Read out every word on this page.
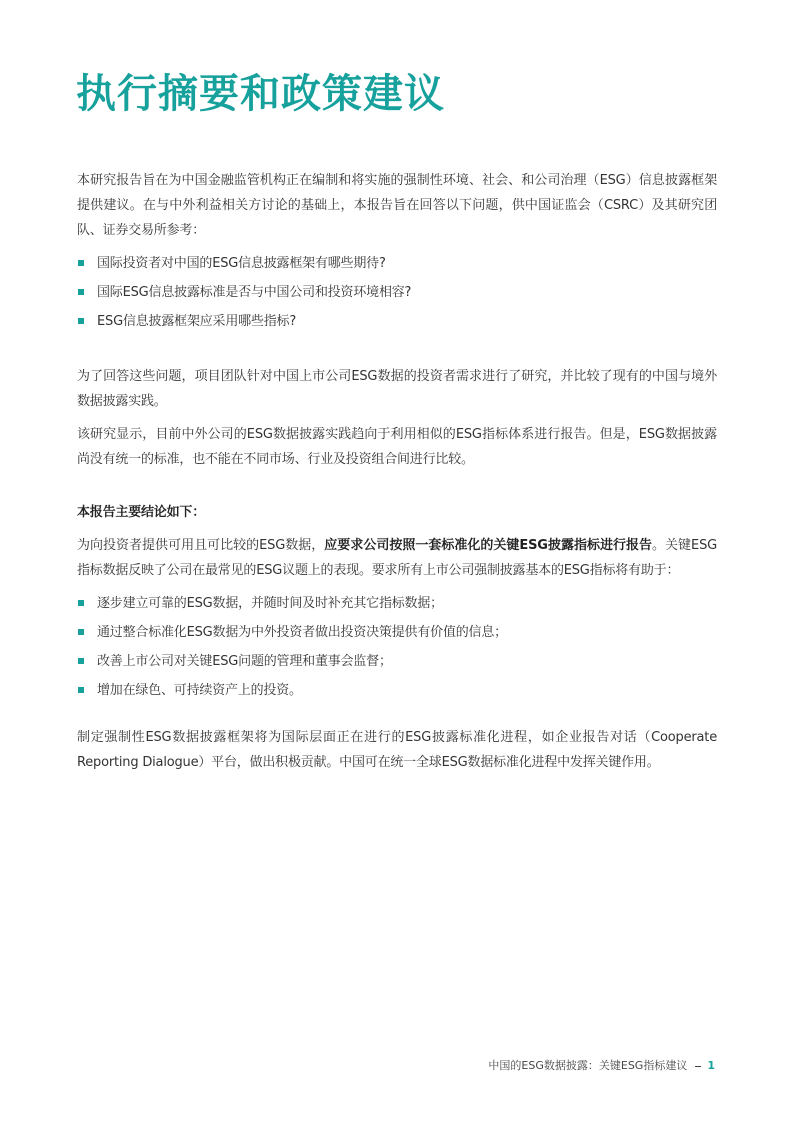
执行摘要和政策建议

本研究报告旨在为中国金融监管机构正在编制和将实施的强制性环境、社会、和公司治理（ESG）信息披露框架提供建议。在与中外利益相关方讨论的基础上，本报告旨在回答以下问题，供中国证监会（CSRC）及其研究团队、证券交易所参考：

国际投资者对中国的ESG信息披露框架有哪些期待?
国际ESG信息披露标准是否与中国公司和投资环境相容?
ESG信息披露框架应采用哪些指标?

为了回答这些问题，项目团队针对中国上市公司ESG数据的投资者需求进行了研究，并比较了现有的中国与境外数据披露实践。

该研究显示，目前中外公司的ESG数据披露实践趋向于利用相似的ESG指标体系进行报告。但是，ESG数据披露尚没有统一的标准，也不能在不同市场、行业及投资组合间进行比较。

本报告主要结论如下：

为向投资者提供可用且可比较的ESG数据，应要求公司按照一套标准化的关键ESG披露指标进行报告。关键ESG指标数据反映了公司在最常见的ESG议题上的表现。要求所有上市公司强制披露基本的ESG指标将有助于：

逐步建立可靠的ESG数据，并随时间及时补充其它指标数据；
通过整合标准化ESG数据为中外投资者做出投资决策提供有价值的信息；
改善上市公司对关键ESG问题的管理和董事会监督；
增加在绿色、可持续资产上的投资。

制定强制性ESG数据披露框架将为国际层面正在进行的ESG披露标准化进程，如企业报告对话（Cooperate Reporting Dialogue）平台，做出积极贡献。中国可在统一全球ESG数据标准化进程中发挥关键作用。

中国的ESG数据披露：关键ESG指标建议 1
